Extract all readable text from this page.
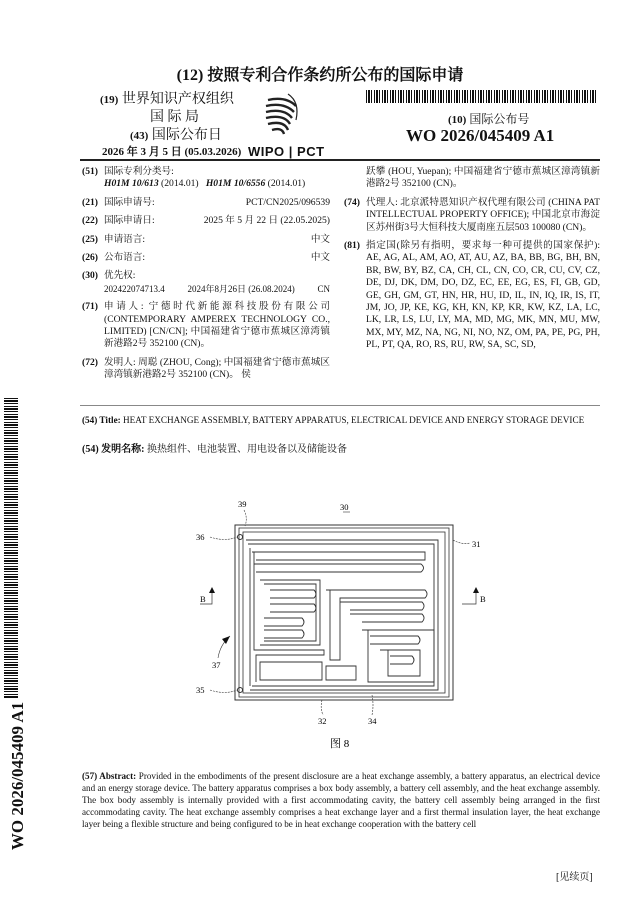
(12) 按照专利合作条约所公布的国际申请
(19) 世界知识产权组织
国 际 局
(43) 国际公布日
2026 年 3 月 5 日 (05.03.2026) WIPO | PCT
(10) 国际公布号
WO 2026/045409 A1
(51) 国际专利分类号:
H01M 10/613 (2014.01) H01M 10/6556 (2014.01)
(21) 国际申请号:	PCT/CN2025/096539
(22) 国际申请日:	2025 年 5 月 22 日 (22.05.2025)
(25) 申请语言:	中文
(26) 公布语言:	中文
(30) 优先权:
202422074713.4	2024年8月26日 (26.08.2024)	CN
(71) 申请人: 宁德时代新能源科技股份有限公司 (CONTEMPORARY AMPEREX TECHNOLOGY CO., LIMITED) [CN/CN]; 中国福建省宁德市蕉城区漳湾镇新港路2号 352100 (CN)。
(72) 发明人: 周聪 (ZHOU, Cong); 中国福建省宁德市蕉城区漳湾镇新港路2号 352100 (CN)。 侯
跃攀 (HOU, Yuepan); 中国福建省宁德市蕉城区漳湾镇新港路2号 352100 (CN)。
(74) 代理人: 北京派特恩知识产权代理有限公司 (CHINA PAT INTELLECTUAL PROPERTY OFFICE); 中国北京市海淀区苏州街3号大恒科技大厦南座五层503 100080 (CN)。
(81) 指定国(除另有指明，要求每一种可提供的国家保护): AE, AG, AL, AM, AO, AT, AU, AZ, BA, BB, BG, BH, BN, BR, BW, BY, BZ, CA, CH, CL, CN, CO, CR, CU, CV, CZ, DE, DJ, DK, DM, DO, DZ, EC, EE, EG, ES, FI, GB, GD, GE, GH, GM, GT, HN, HR, HU, ID, IL, IN, IQ, IR, IS, IT, JM, JO, JP, KE, KG, KH, KN, KP, KR, KW, KZ, LA, LC, LK, LR, LS, LU, LY, MA, MD, MG, MK, MN, MU, MW, MX, MY, MZ, NA, NG, NI, NO, NZ, OM, PA, PE, PG, PH, PL, PT, QA, RO, RS, RU, RW, SA, SC, SD,
(54) Title: HEAT EXCHANGE ASSEMBLY, BATTERY APPARATUS, ELECTRICAL DEVICE AND ENERGY STORAGE DEVICE
(54) 发明名称: 换热组件、电池装置、用电设备以及储能设备
30
39
31
36
35
37
32	34
B	B
图 8
(57) Abstract: Provided in the embodiments of the present disclosure are a heat exchange assembly, a battery apparatus, an electrical device and an energy storage device. The battery apparatus comprises a box body assembly, a battery cell assembly, and the heat exchange assembly. The box body assembly is internally provided with a first accommodating cavity, the battery cell assembly being arranged in the first accommodating cavity. The heat exchange assembly comprises a heat exchange layer and a first thermal insulation layer, the heat exchange layer being a flexible structure and being configured to be in heat exchange cooperation with the battery cell
WO 2026/045409 A1
[见续页]
